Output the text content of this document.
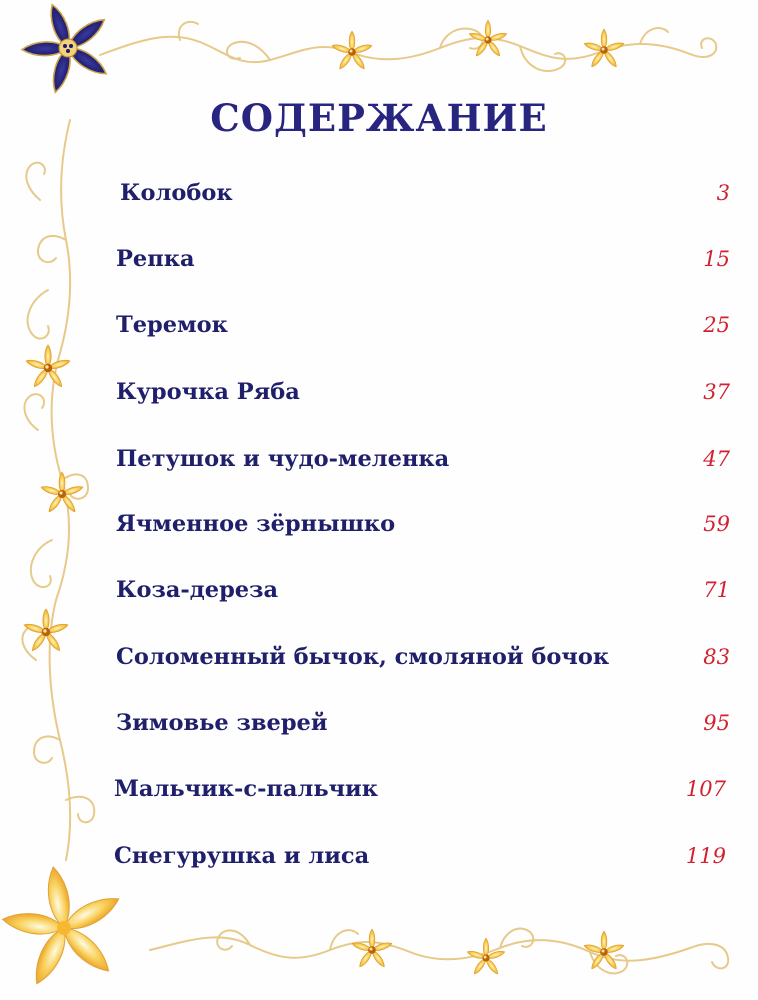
СОДЕРЖАНИЕ
Колобок	3
Репка	15
Теремок	25
Курочка Ряба	37
Петушок и чудо-меленка	47
Ячменное зёрнышко	59
Коза-дереза	71
Соломенный бычок, смоляной бочок	83
Зимовье зверей	95
Мальчик-с-пальчик	107
Снегурушка и лиса	119
